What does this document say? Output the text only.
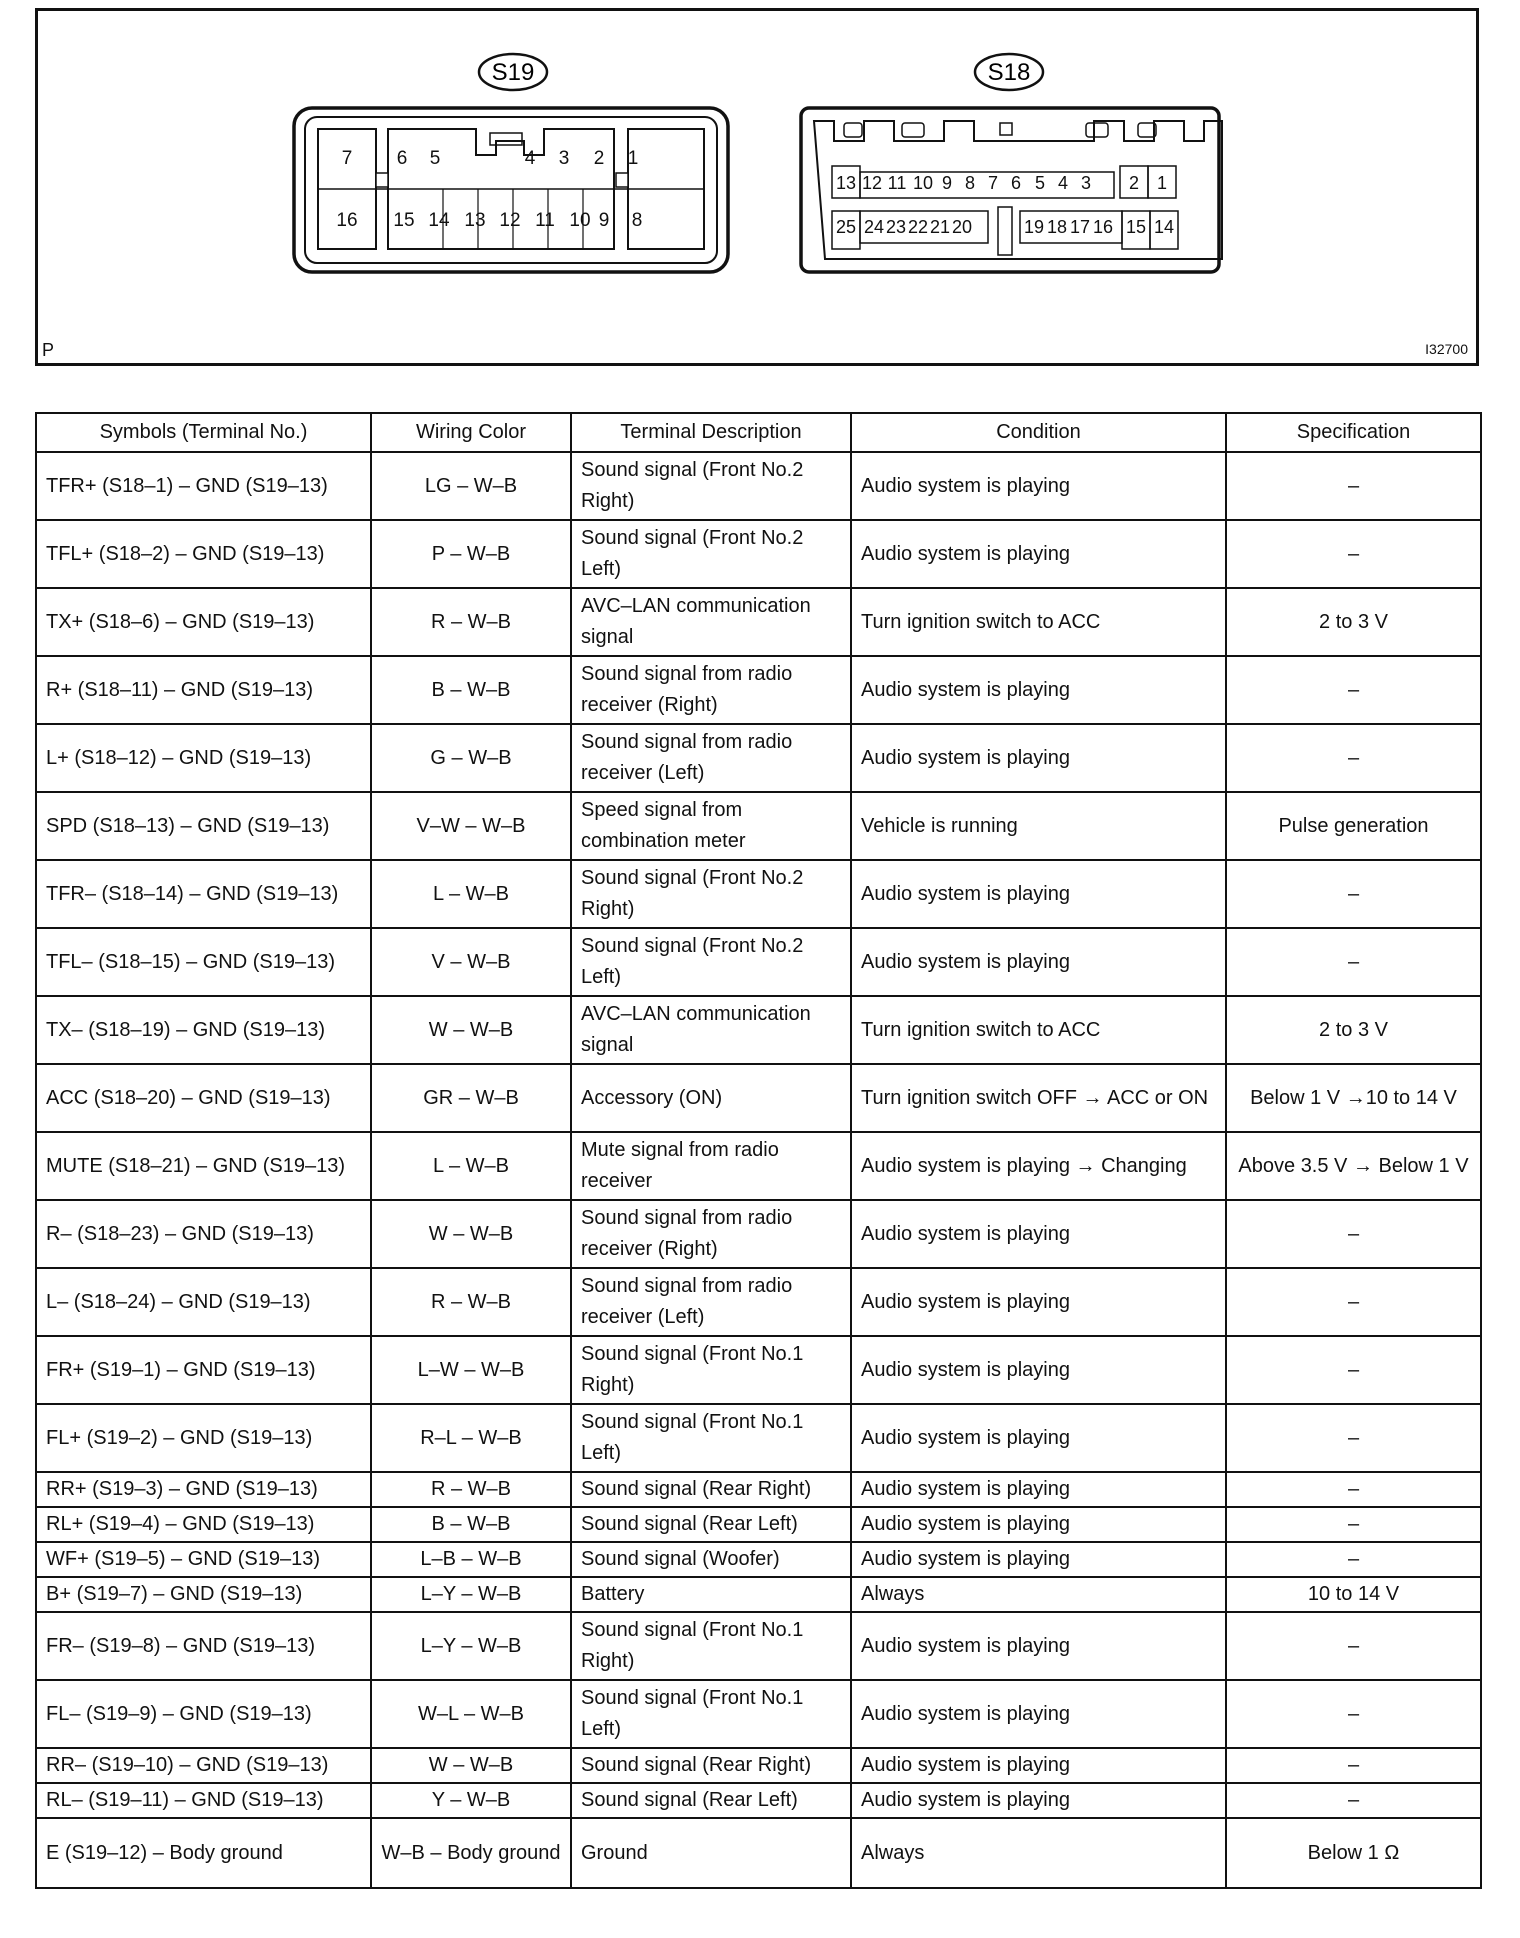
S19	S18
7 6 5	4 3 2 1
16 15 14 13 12 11 10 9 8
13 12 11 10 9 8 7 6 5 4 3 2 1
25 24 23 22 21 20	19 18 17 16 15 14
P	I32700
Symbols (Terminal No.)	Wiring Color	Terminal Description	Condition	Specification
TFR+ (S18–1) – GND (S19–13)	LG – W–B	Sound signal (Front No.2 Right)	Audio system is playing	–
TFL+ (S18–2) – GND (S19–13)	P – W–B	Sound signal (Front No.2 Left)	Audio system is playing	–
TX+ (S18–6) – GND (S19–13)	R – W–B	AVC–LAN communication signal	Turn ignition switch to ACC	2 to 3 V
R+ (S18–11) – GND (S19–13)	B – W–B	Sound signal from radio receiver (Right)	Audio system is playing	–
L+ (S18–12) – GND (S19–13)	G – W–B	Sound signal from radio receiver (Left)	Audio system is playing	–
SPD (S18–13) – GND (S19–13)	V–W – W–B	Speed signal from combination meter	Vehicle is running	Pulse generation
TFR– (S18–14) – GND (S19–13)	L – W–B	Sound signal (Front No.2 Right)	Audio system is playing	–
TFL– (S18–15) – GND (S19–13)	V – W–B	Sound signal (Front No.2 Left)	Audio system is playing	–
TX– (S18–19) – GND (S19–13)	W – W–B	AVC–LAN communication signal	Turn ignition switch to ACC	2 to 3 V
ACC (S18–20) – GND (S19–13)	GR – W–B	Accessory (ON)	Turn ignition switch OFF → ACC or ON	Below 1 V →10 to 14 V
MUTE (S18–21) – GND (S19–13)	L – W–B	Mute signal from radio receiver	Audio system is playing → Changing	Above 3.5 V → Below 1 V
R– (S18–23) – GND (S19–13)	W – W–B	Sound signal from radio receiver (Right)	Audio system is playing	–
L– (S18–24) – GND (S19–13)	R – W–B	Sound signal from radio receiver (Left)	Audio system is playing	–
FR+ (S19–1) – GND (S19–13)	L–W – W–B	Sound signal (Front No.1 Right)	Audio system is playing	–
FL+ (S19–2) – GND (S19–13)	R–L – W–B	Sound signal (Front No.1 Left)	Audio system is playing	–
RR+ (S19–3) – GND (S19–13)	R – W–B	Sound signal (Rear Right)	Audio system is playing	–
RL+ (S19–4) – GND (S19–13)	B – W–B	Sound signal (Rear Left)	Audio system is playing	–
WF+ (S19–5) – GND (S19–13)	L–B – W–B	Sound signal (Woofer)	Audio system is playing	–
B+ (S19–7) – GND (S19–13)	L–Y – W–B	Battery	Always	10 to 14 V
FR– (S19–8) – GND (S19–13)	L–Y – W–B	Sound signal (Front No.1 Right)	Audio system is playing	–
FL– (S19–9) – GND (S19–13)	W–L – W–B	Sound signal (Front No.1 Left)	Audio system is playing	–
RR– (S19–10) – GND (S19–13)	W – W–B	Sound signal (Rear Right)	Audio system is playing	–
RL– (S19–11) – GND (S19–13)	Y – W–B	Sound signal (Rear Left)	Audio system is playing	–
E (S19–12) – Body ground	W–B – Body ground	Ground	Always	Below 1 Ω
